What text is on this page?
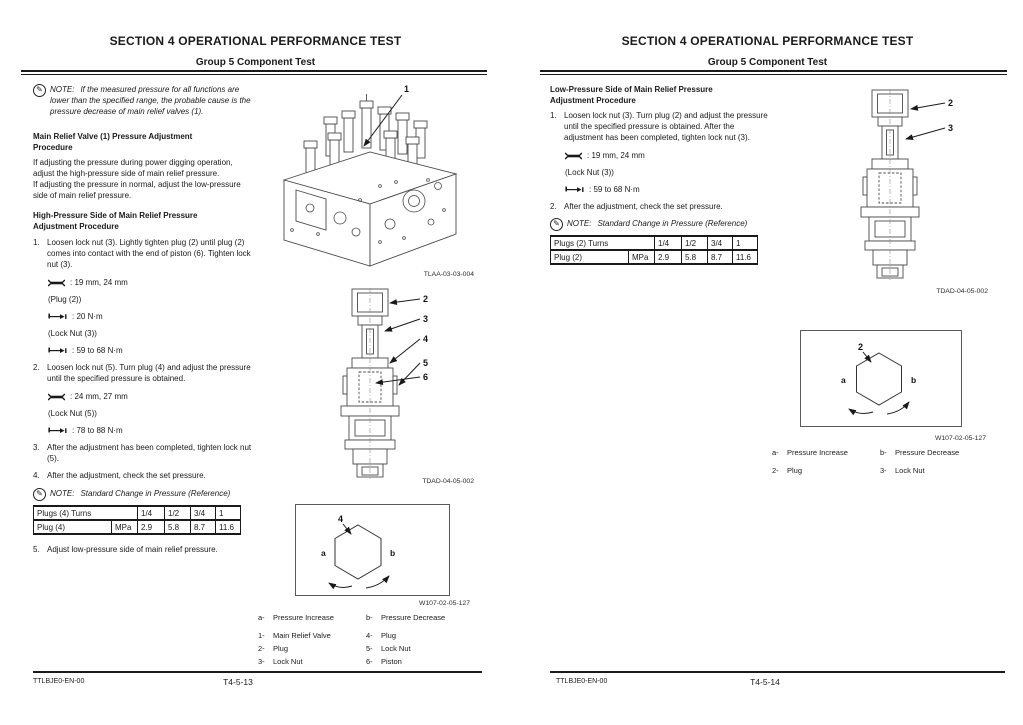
SECTION 4 OPERATIONAL PERFORMANCE TEST
Group 5 Component Test
✎ NOTE: If the measured pressure for all functions are lower than the specified range, the probable cause is the pressure decrease of main relief valves (1).
Main Relief Valve (1) Pressure Adjustment Procedure
If adjusting the pressure during power digging operation, adjust the high-pressure side of main relief pressure.
If adjusting the pressure in normal, adjust the low-pressure side of main relief pressure.
High-Pressure Side of Main Relief Pressure Adjustment Procedure
1. Loosen lock nut (3). Lightly tighten plug (2) until plug (2) comes into contact with the end of piston (6). Tighten lock nut (3).
: 19 mm, 24 mm
(Plug (2))
: 20 N·m
(Lock Nut (3))
: 59 to 68 N·m
2. Loosen lock nut (5). Turn plug (4) and adjust the pressure until the specified pressure is obtained.
: 24 mm, 27 mm
(Lock Nut (5))
: 78 to 88 N·m
3. After the adjustment has been completed, tighten lock nut (5).
4. After the adjustment, check the set pressure.
✎ NOTE: Standard Change in Pressure (Reference)
Plugs (4) Turns		1/4	1/2	3/4	1
Plug (4)	MPa	2.9	5.8	8.7	11.6
5. Adjust low-pressure side of main relief pressure.
1
TLAA-03-03-004
2
3
4
5
6
TDAD-04-05-002
4
a	b
W107-02-05-127
a-	Pressure Increase	b-	Pressure Decrease
1-	Main Relief Valve	4-	Plug
2-	Plug	5-	Lock Nut
3-	Lock Nut	6-	Piston
TTLBJE0-EN-00	T4-5-13
SECTION 4 OPERATIONAL PERFORMANCE TEST
Group 5 Component Test
Low-Pressure Side of Main Relief Pressure Adjustment Procedure
1. Loosen lock nut (3). Turn plug (2) and adjust the pressure until the specified pressure is obtained. After the adjustment has been completed, tighten lock nut (3).
: 19 mm, 24 mm
(Lock Nut (3))
: 59 to 68 N·m
2. After the adjustment, check the set pressure.
✎ NOTE: Standard Change in Pressure (Reference)
Plugs (2) Turns		1/4	1/2	3/4	1
Plug (2)	MPa	2.9	5.8	8.7	11.6
2
3
TDAD-04-05-002
2
a	b
W107-02-05-127
a-	Pressure Increase	b-	Pressure Decrease
2-	Plug	3-	Lock Nut
TTLBJE0-EN-00	T4-5-14
